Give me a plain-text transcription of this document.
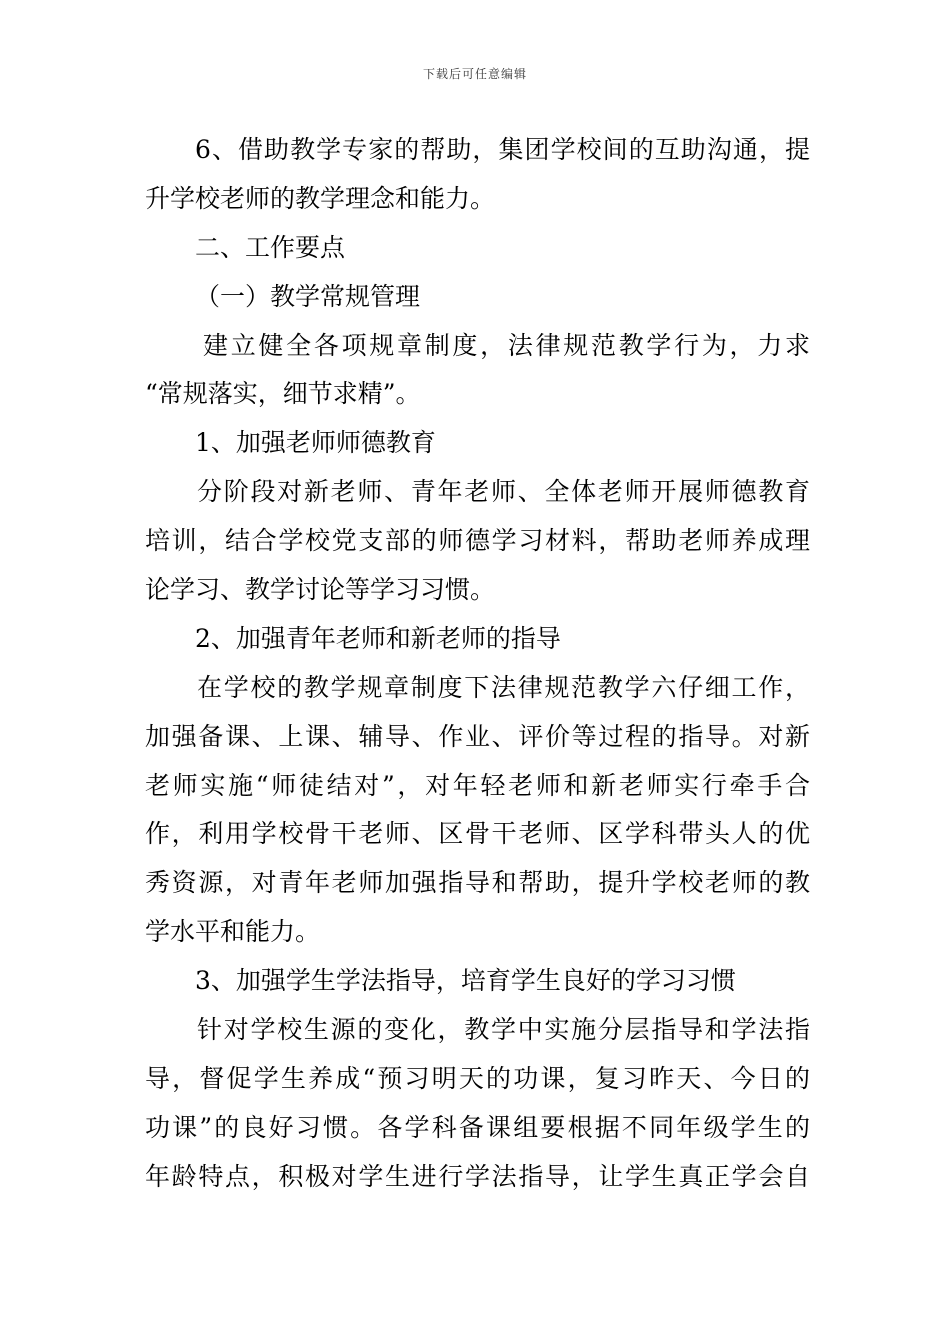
下载后可任意编辑
6、借助教学专家的帮助，集团学校间的互助沟通，提
升学校老师的教学理念和能力。
二、工作要点
（一）教学常规管理
建立健全各项规章制度，法律规范教学行为，力求
“常规落实，细节求精”。
1、加强老师师德教育
分阶段对新老师、青年老师、全体老师开展师德教育
培训，结合学校党支部的师德学习材料，帮助老师养成理
论学习、教学讨论等学习习惯。
2、加强青年老师和新老师的指导
在学校的教学规章制度下法律规范教学六仔细工作，
加强备课、上课、辅导、作业、评价等过程的指导。对新
老师实施“师徒结对”，对年轻老师和新老师实行牵手合
作，利用学校骨干老师、区骨干老师、区学科带头人的优
秀资源，对青年老师加强指导和帮助，提升学校老师的教
学水平和能力。
3、加强学生学法指导，培育学生良好的学习习惯
针对学校生源的变化，教学中实施分层指导和学法指
导，督促学生养成“预习明天的功课，复习昨天、今日的
功课”的良好习惯。各学科备课组要根据不同年级学生的
年龄特点，积极对学生进行学法指导，让学生真正学会自
